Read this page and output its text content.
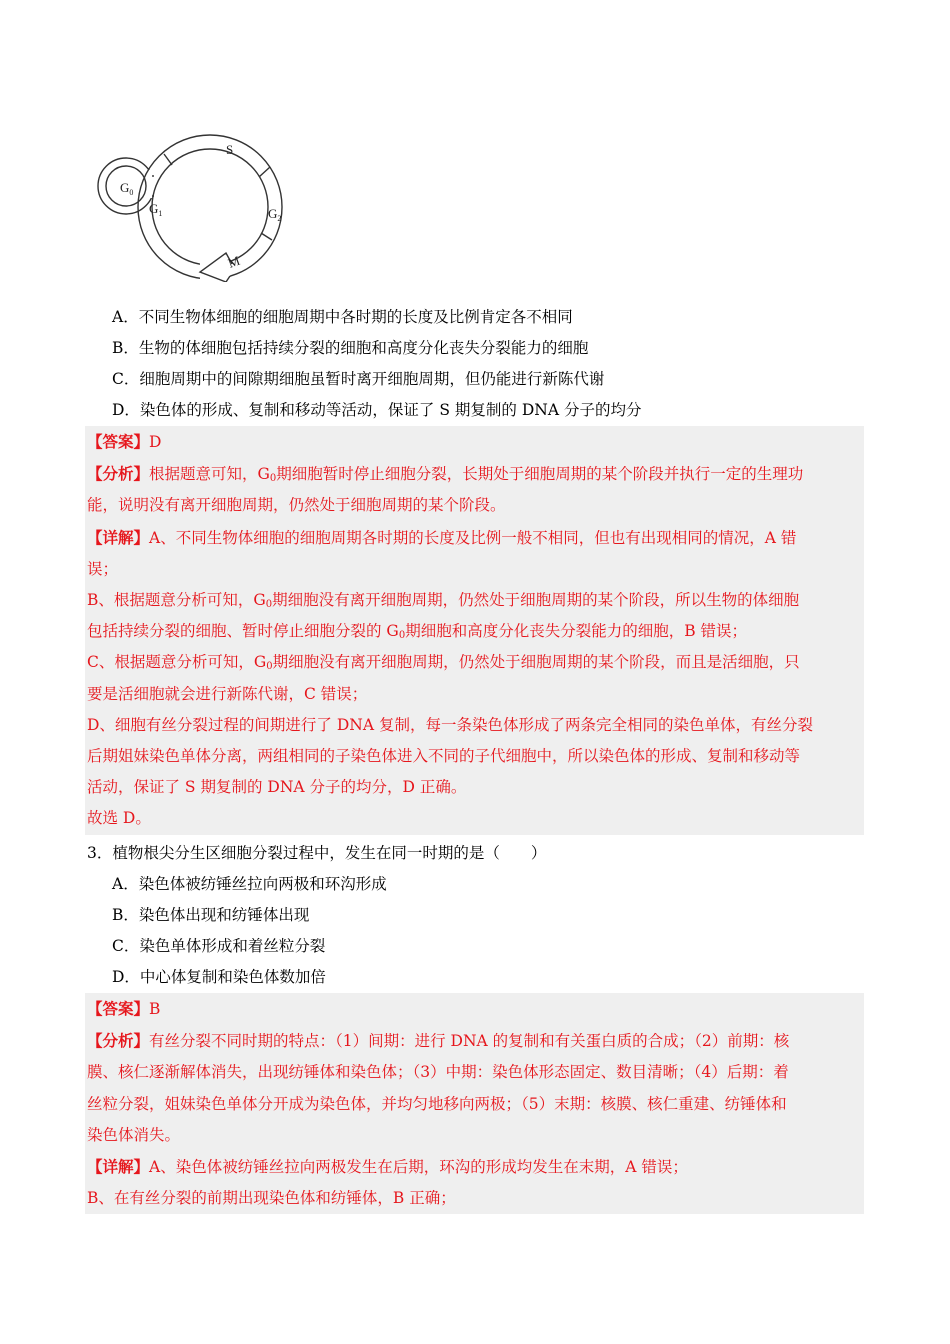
S
$G_0$
$G_1$	$G_2$
M
A．不同生物体细胞的细胞周期中各时期的长度及比例肯定各不相同
B．生物的体细胞包括持续分裂的细胞和高度分化丧失分裂能力的细胞
C．细胞周期中的间隙期细胞虽暂时离开细胞周期，但仍能进行新陈代谢
D．染色体的形成、复制和移动等活动，保证了 S 期复制的 DNA 分子的均分

【答案】D

【分析】根据题意可知，$G_0$期细胞暂时停止细胞分裂，长期处于细胞周期的某个阶段并执行一定的生理功

能，说明没有离开细胞周期，仍然处于细胞周期的某个阶段。

【详解】A、不同生物体细胞的细胞周期各时期的长度及比例一般不相同，但也有出现相同的情况，A 错

误；

B、根据题意分析可知，$G_0$期细胞没有离开细胞周期，仍然处于细胞周期的某个阶段，所以生物的体细胞

包括持续分裂的细胞、暂时停止细胞分裂的 $G_0$期细胞和高度分化丧失分裂能力的细胞，B 错误；

C、根据题意分析可知，$G_0$期细胞没有离开细胞周期，仍然处于细胞周期的某个阶段，而且是活细胞，只

要是活细胞就会进行新陈代谢，C 错误；

D、细胞有丝分裂过程的间期进行了 DNA 复制，每一条染色体形成了两条完全相同的染色单体，有丝分裂

后期姐妹染色单体分离，两组相同的子染色体进入不同的子代细胞中，所以染色体的形成、复制和移动等

活动，保证了 S 期复制的 DNA 分子的均分，D 正确。

故选 D。

3．植物根尖分生区细胞分裂过程中，发生在同一时期的是（　　）
A．染色体被纺锤丝拉向两极和环沟形成
B．染色体出现和纺锤体出现
C．染色单体形成和着丝粒分裂
D．中心体复制和染色体数加倍

【答案】B

【分析】有丝分裂不同时期的特点：（1）间期：进行 DNA 的复制和有关蛋白质的合成；（2）前期：核

膜、核仁逐渐解体消失，出现纺锤体和染色体；（3）中期：染色体形态固定、数目清晰；（4）后期：着

丝粒分裂，姐妹染色单体分开成为染色体，并均匀地移向两极；（5）末期：核膜、核仁重建、纺锤体和

染色体消失。

【详解】A、染色体被纺锤丝拉向两极发生在后期，环沟的形成均发生在末期，A 错误；

B、在有丝分裂的前期出现染色体和纺锤体，B 正确；
